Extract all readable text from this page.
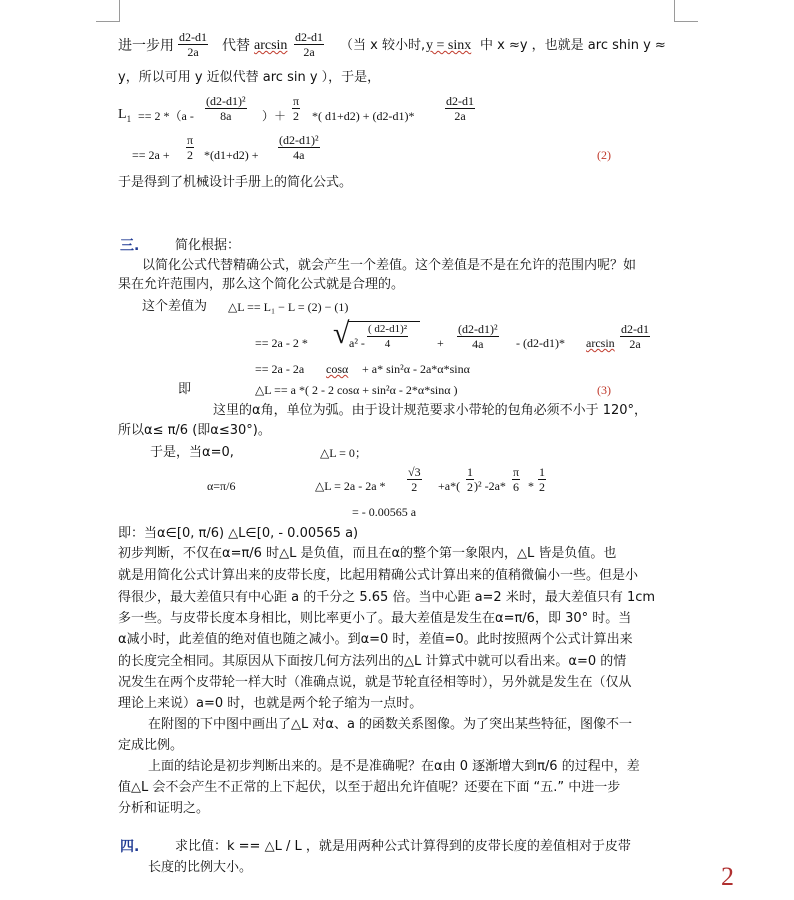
进一步用 $\frac{d2-d1}{2a}$ 代替 $\arcsin \frac{d2-d1}{2a}$ （当 x 较小时, y = sinx 中 x ≈y ，也就是 arc shin y ≈
y，所以可用 y 近似代替 arc sin y ），于是，
$L_1 == 2$ $*(a - \frac{\text{(d2-d1)²}}{8a}$ ）＋ $\frac{\pi}{2}$ *( d1+d2) + (d2-d1)*	$\frac{d2-d1}{2a}$
== $2a + \frac{\pi}{2} *(d1+d2) + \frac{\text{(d2-d1)²}}{4a}$	(2)
于是得到了机械设计手册上的简化公式。
三.	简化根据：
以简化公式代替精确公式，就会产生一个差值。这个差值是不是在允许的范围内呢？如
果在允许范围内，那么这个简化公式就是合理的。
这个差值为 △L == L₁ − L = (2) − (1)
== 2a - 2 * √ $a^2 - \frac{\text{( d2-d1)²}}{4} + \frac{\text{(d2-d1)²}}{4a} - (d2-d1)*$ $\arcsin \frac{d2-d1}{2a}$
== 2a - 2a cosα + a* sin²α - 2a*α*sinα
即	△L == a *( 2 - 2 cosα + sin²α - 2*α*sinα )	(3)
这里的α角，单位为弧。由于设计规范要求小带轮的包角必须不小于 120°，
所以α≤ π/6 (即α≤30°)。
于是，当α=0,	△L = 0；
α=π/6	△L = $2a - 2a * \frac{√3}{2} +a*( \frac{1}{2} )^2$ $-2a* \frac{\pi}{6} * \frac{1}{2}$
= - 0.00565 a
即：当α∈[0, π/6) △L∈[0, - 0.00565 a)
初步判断，不仅在α=π/6 时△L 是负值，而且在α的整个第一象限内，△L 皆是负值。也
就是用简化公式计算出来的皮带长度，比起用精确公式计算出来的值稍微偏小一些。但是小
得很少，最大差值只有中心距 a 的千分之 5.65 倍。当中心距 a=2 米时，最大差值只有 1cm
多一些。与皮带长度本身相比，则比率更小了。最大差值是发生在α=π/6，即 30° 时。当
α减小时，此差值的绝对值也随之减小。到α=0 时，差值=0。此时按照两个公式计算出来
的长度完全相同。其原因从下面按几何方法列出的△L 计算式中就可以看出来。α=0 的情
况发生在两个皮带轮一样大时（准确点说，就是节轮直径相等时），另外就是发生在（仅从
理论上来说）a=0 时，也就是两个轮子缩为一点时。
在附图的下中图中画出了△L 对α、a 的函数关系图像。为了突出某些特征，图像不一
定成比例。
上面的结论是初步判断出来的。是不是准确呢？在α由 0 逐渐增大到π/6 的过程中，差
值△L 会不会产生不正常的上下起伏，以至于超出允许值呢？还要在下面 “五.” 中进一步
分析和证明之。
四.	求比值：k == △L / L ，就是用两种公式计算得到的皮带长度的差值相对于皮带
长度的比例大小。	2
